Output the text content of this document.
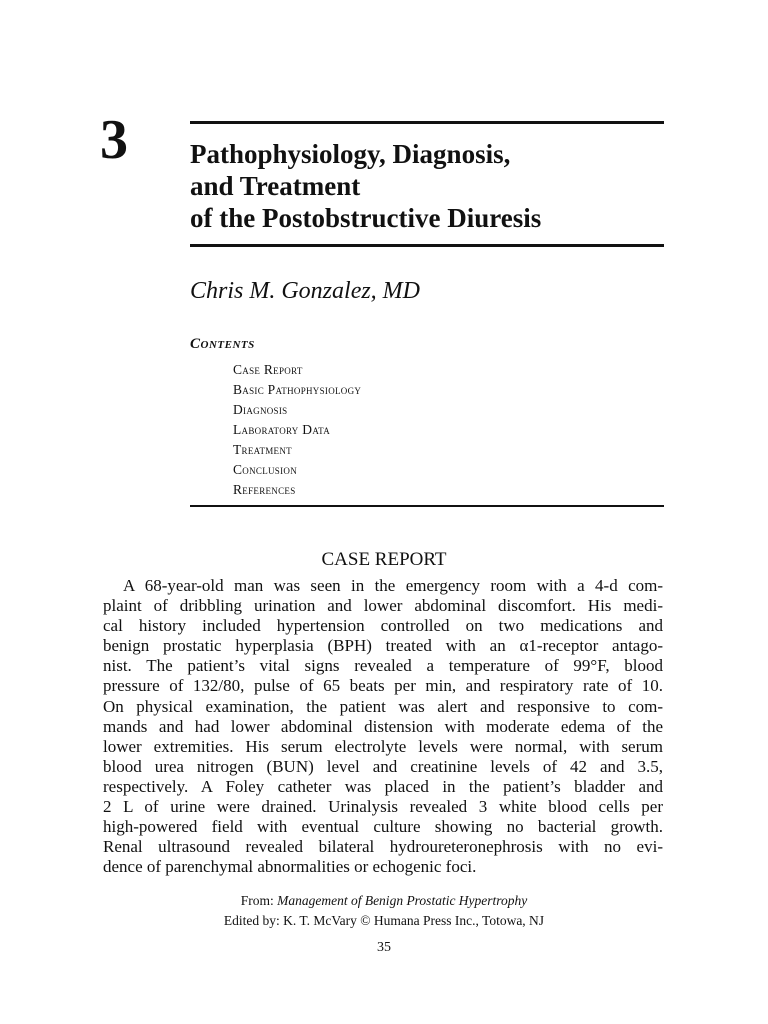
3 Pathophysiology, Diagnosis,
and Treatment
of the Postobstructive Diuresis
Chris M. Gonzalez, MD
Contents
Case Report
Basic Pathophysiology
Diagnosis
Laboratory Data
Treatment
Conclusion
References
CASE REPORT
A 68-year-old man was seen in the emergency room with a 4-d com-
plaint of dribbling urination and lower abdominal discomfort. His medi-
cal history included hypertension controlled on two medications and
benign prostatic hyperplasia (BPH) treated with an α1-receptor antago-
nist. The patient’s vital signs revealed a temperature of 99°F, blood
pressure of 132/80, pulse of 65 beats per min, and respiratory rate of 10.
On physical examination, the patient was alert and responsive to com-
mands and had lower abdominal distension with moderate edema of the
lower extremities. His serum electrolyte levels were normal, with serum
blood urea nitrogen (BUN) level and creatinine levels of 42 and 3.5,
respectively. A Foley catheter was placed in the patient’s bladder and
2 L of urine were drained. Urinalysis revealed 3 white blood cells per
high-powered field with eventual culture showing no bacterial growth.
Renal ultrasound revealed bilateral hydroureteronephrosis with no evi-
dence of parenchymal abnormalities or echogenic foci.
From: Management of Benign Prostatic Hypertrophy
Edited by: K. T. McVary © Humana Press Inc., Totowa, NJ
35
